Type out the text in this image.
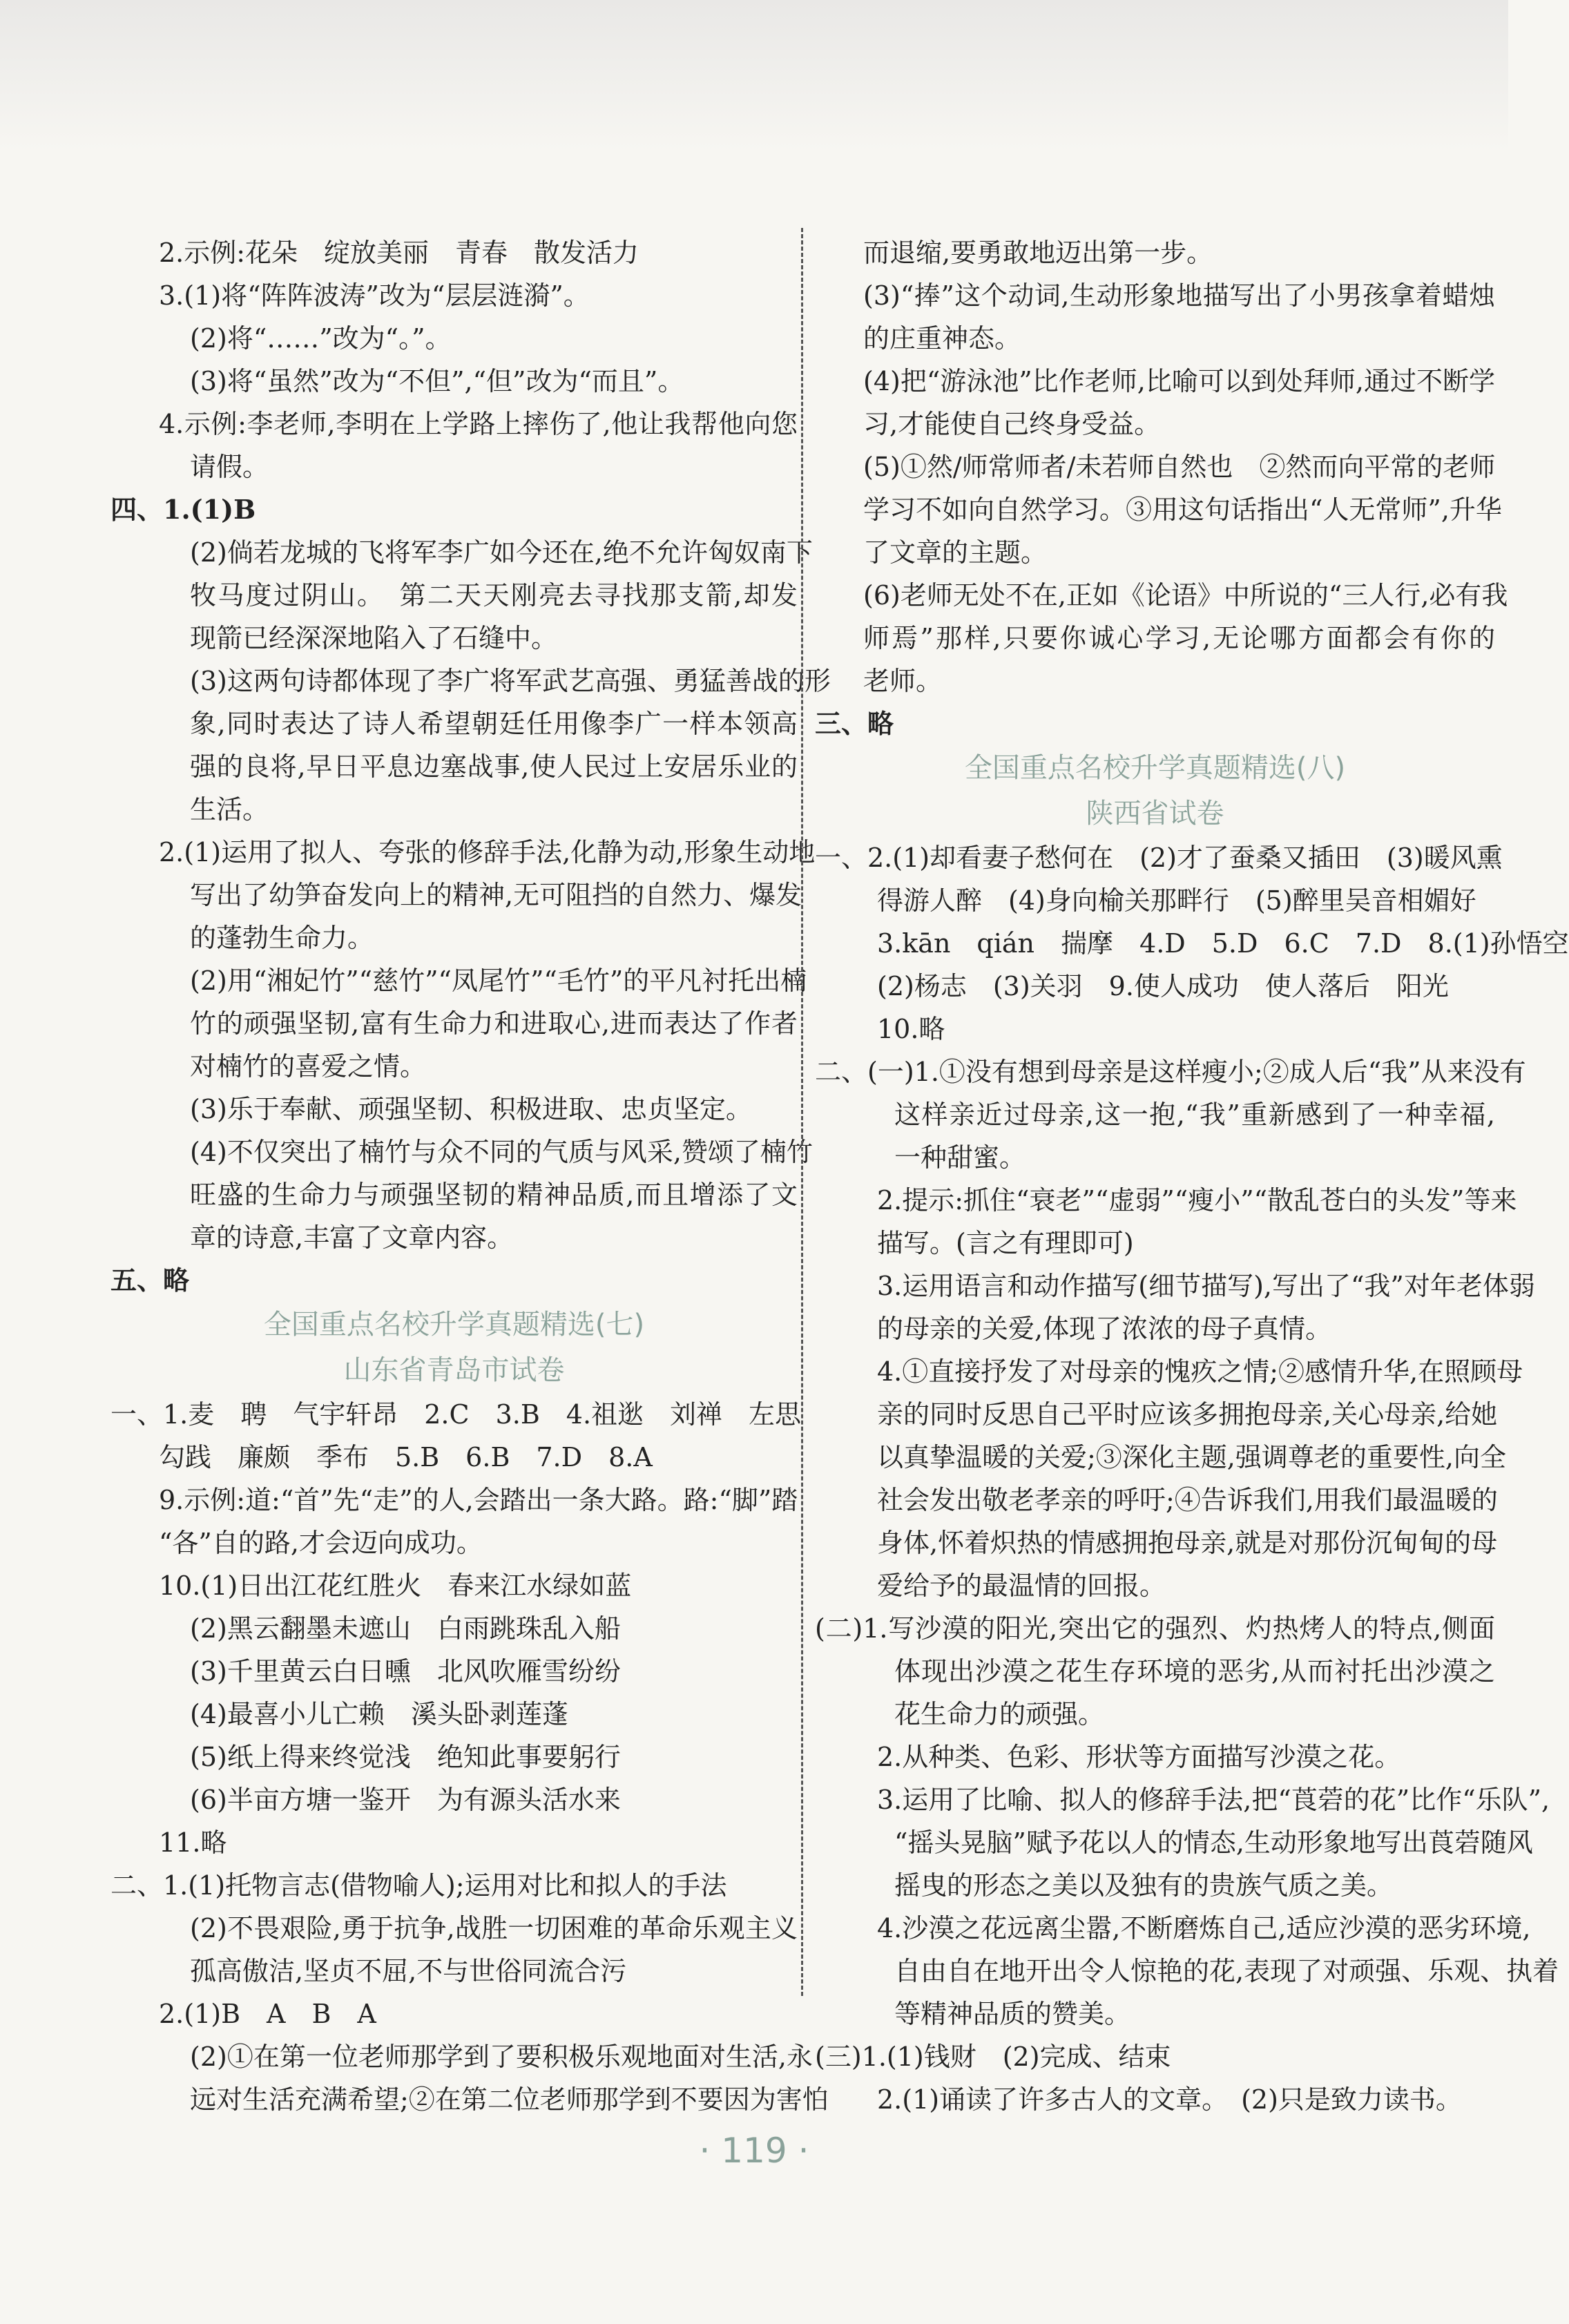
2.示例:花朵　绽放美丽　青春　散发活力
3.(1)将“阵阵波涛”改为“层层涟漪”。
(2)将“……”改为“。”。
(3)将“虽然”改为“不但”,“但”改为“而且”。
4.示例:李老师,李明在上学路上摔伤了,他让我帮他向您
请假。
四、1.(1)B
(2)倘若龙城的飞将军李广如今还在,绝不允许匈奴南下
牧马度过阴山。　第二天天刚亮去寻找那支箭,却发
现箭已经深深地陷入了石缝中。
(3)这两句诗都体现了李广将军武艺高强、勇猛善战的形
象,同时表达了诗人希望朝廷任用像李广一样本领高
强的良将,早日平息边塞战事,使人民过上安居乐业的
生活。
2.(1)运用了拟人、夸张的修辞手法,化静为动,形象生动地
写出了幼笋奋发向上的精神,无可阻挡的自然力、爆发
的蓬勃生命力。
(2)用“湘妃竹”“慈竹”“凤尾竹”“毛竹”的平凡衬托出楠
竹的顽强坚韧,富有生命力和进取心,进而表达了作者
对楠竹的喜爱之情。
(3)乐于奉献、顽强坚韧、积极进取、忠贞坚定。
(4)不仅突出了楠竹与众不同的气质与风采,赞颂了楠竹
旺盛的生命力与顽强坚韧的精神品质,而且增添了文
章的诗意,丰富了文章内容。
五、略
全国重点名校升学真题精选(七)
山东省青岛市试卷
一、1.麦　聘　气宇轩昂　2.C　3.B　4.祖逖　刘禅　左思
勾践　廉颇　季布　5.B　6.B　7.D　8.A
9.示例:道:“首”先“走”的人,会踏出一条大路。路:“脚”踏
“各”自的路,才会迈向成功。
10.(1)日出江花红胜火　春来江水绿如蓝
(2)黑云翻墨未遮山　白雨跳珠乱入船
(3)千里黄云白日曛　北风吹雁雪纷纷
(4)最喜小儿亡赖　溪头卧剥莲蓬
(5)纸上得来终觉浅　绝知此事要躬行
(6)半亩方塘一鉴开　为有源头活水来
11.略
二、1.(1)托物言志(借物喻人);运用对比和拟人的手法
(2)不畏艰险,勇于抗争,战胜一切困难的革命乐观主义
孤高傲洁,坚贞不屈,不与世俗同流合污
2.(1)B　A　B　A
(2)①在第一位老师那学到了要积极乐观地面对生活,永
远对生活充满希望;②在第二位老师那学到不要因为害怕
而退缩,要勇敢地迈出第一步。
(3)“捧”这个动词,生动形象地描写出了小男孩拿着蜡烛
的庄重神态。
(4)把“游泳池”比作老师,比喻可以到处拜师,通过不断学
习,才能使自己终身受益。
(5)①然/师常师者/未若师自然也　②然而向平常的老师
学习不如向自然学习。③用这句话指出“人无常师”,升华
了文章的主题。
(6)老师无处不在,正如《论语》中所说的“三人行,必有我
师焉”那样,只要你诚心学习,无论哪方面都会有你的
老师。
三、略
全国重点名校升学真题精选(八)
陕西省试卷
一、2.(1)却看妻子愁何在　(2)才了蚕桑又插田　(3)暖风熏
得游人醉　(4)身向榆关那畔行　(5)醉里吴音相媚好
3.kān　qián　揣摩　4.D　5.D　6.C　7.D　8.(1)孙悟空
(2)杨志　(3)关羽　9.使人成功　使人落后　阳光
10.略
二、(一)1.①没有想到母亲是这样瘦小;②成人后“我”从来没有
这样亲近过母亲,这一抱,“我”重新感到了一种幸福,
一种甜蜜。
2.提示:抓住“衰老”“虚弱”“瘦小”“散乱苍白的头发”等来
描写。(言之有理即可)
3.运用语言和动作描写(细节描写),写出了“我”对年老体弱
的母亲的关爱,体现了浓浓的母子真情。
4.①直接抒发了对母亲的愧疚之情;②感情升华,在照顾母
亲的同时反思自己平时应该多拥抱母亲,关心母亲,给她
以真挚温暖的关爱;③深化主题,强调尊老的重要性,向全
社会发出敬老孝亲的呼吁;④告诉我们,用我们最温暖的
身体,怀着炽热的情感拥抱母亲,就是对那份沉甸甸的母
爱给予的最温情的回报。
(二)1.写沙漠的阳光,突出它的强烈、灼热烤人的特点,侧面
体现出沙漠之花生存环境的恶劣,从而衬托出沙漠之
花生命力的顽强。
2.从种类、色彩、形状等方面描写沙漠之花。
3.运用了比喻、拟人的修辞手法,把“莨菪的花”比作“乐队”,
“摇头晃脑”赋予花以人的情态,生动形象地写出莨菪随风
摇曳的形态之美以及独有的贵族气质之美。
4.沙漠之花远离尘嚣,不断磨炼自己,适应沙漠的恶劣环境,
自由自在地开出令人惊艳的花,表现了对顽强、乐观、执着
等精神品质的赞美。
(三)1.(1)钱财　(2)完成、结束
2.(1)诵读了许多古人的文章。　(2)只是致力读书。
· 119 ·
